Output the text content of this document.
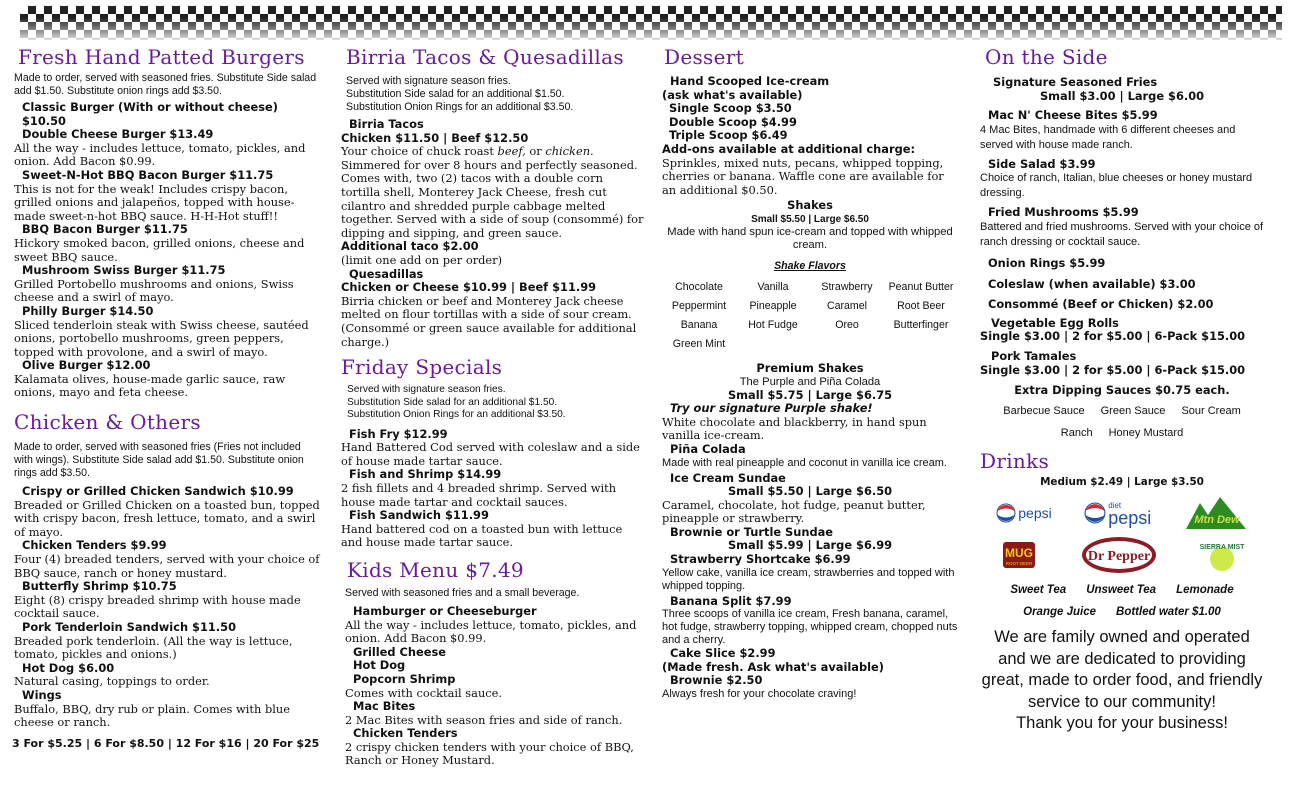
Fresh Hand Patted Burgers
Made to order, served with seasoned fries. Substitute Side salad add $1.50. Substitute onion rings add $3.50.
Classic Burger (With or without cheese) $10.50
Double Cheese Burger $13.49
All the way - includes lettuce, tomato, pickles, and onion. Add Bacon $0.99.
Sweet-N-Hot BBQ Bacon Burger $11.75
This is not for the weak! Includes crispy bacon, grilled onions and jalapeños, topped with house-made sweet-n-hot BBQ sauce. H-H-Hot stuff!!
BBQ Bacon Burger $11.75
Hickory smoked bacon, grilled onions, cheese and sweet BBQ sauce.
Mushroom Swiss Burger $11.75
Grilled Portobello mushrooms and onions, Swiss cheese and a swirl of mayo.
Philly Burger $14.50
Sliced tenderloin steak with Swiss cheese, sautéed onions, portobello mushrooms, green peppers, topped with provolone, and a swirl of mayo.
Olive Burger $12.00
Kalamata olives, house-made garlic sauce, raw onions, mayo and feta cheese.
Chicken & Others
Made to order, served with seasoned fries (Fries not included with wings). Substitute Side salad add $1.50. Substitute onion rings add $3.50.
Crispy or Grilled Chicken Sandwich $10.99
Breaded or Grilled Chicken on a toasted bun, topped with crispy bacon, fresh lettuce, tomato, and a swirl of mayo.
Chicken Tenders $9.99
Four (4) breaded tenders, served with your choice of BBQ sauce, ranch or honey mustard.
Butterfly Shrimp $10.75
Eight (8) crispy breaded shrimp with house made cocktail sauce.
Pork Tenderloin Sandwich $11.50
Breaded pork tenderloin. (All the way is lettuce, tomato, pickles and onions.)
Hot Dog $6.00
Natural casing, toppings to order.
Wings
Buffalo, BBQ, dry rub or plain. Comes with blue cheese or ranch.
3 For $5.25 | 6 For $8.50 | 12 For $16 | 20 For $25
Birria Tacos & Quesadillas
Served with signature season fries.
Substitution Side salad for an additional $1.50.
Substitution Onion Rings for an additional $3.50.
Birria Tacos
Chicken $11.50 | Beef $12.50
Your choice of chuck roast beef, or chicken. Simmered for over 8 hours and perfectly seasoned. Comes with, two (2) tacos with a double corn tortilla shell, Monterey Jack Cheese, fresh cut cilantro and shredded purple cabbage melted together. Served with a side of soup (consommé) for dipping and sipping, and green sauce.
Additional taco $2.00
(limit one add on per order)
Quesadillas
Chicken or Cheese $10.99 | Beef $11.99
Birria chicken or beef and Monterey Jack cheese melted on flour tortillas with a side of sour cream. (Consommé or green sauce available for additional charge.)
Friday Specials
Served with signature season fries.
Substitution Side salad for an additional $1.50.
Substitution Onion Rings for an additional $3.50.
Fish Fry $12.99
Hand Battered Cod served with coleslaw and a side of house made tartar sauce.
Fish and Shrimp $14.99
2 fish fillets and 4 breaded shrimp. Served with house made tartar and cocktail sauces.
Fish Sandwich $11.99
Hand battered cod on a toasted bun with lettuce and house made tartar sauce.
Kids Menu $7.49
Served with seasoned fries and a small beverage.
Hamburger or Cheeseburger
All the way - includes lettuce, tomato, pickles, and onion. Add Bacon $0.99.
Grilled Cheese
Hot Dog
Popcorn Shrimp
Comes with cocktail sauce.
Mac Bites
2 Mac Bites with season fries and side of ranch.
Chicken Tenders
2 crispy chicken tenders with your choice of BBQ, Ranch or Honey Mustard.
Dessert
Hand Scooped Ice-cream
(ask what's available)
Single Scoop $3.50
Double Scoop $4.99
Triple Scoop $6.49
Add-ons available at additional charge:
Sprinkles, mixed nuts, pecans, whipped topping, cherries or banana. Waffle cone are available for an additional $0.50.
Shakes
Small $5.50 | Large $6.50
Made with hand spun ice-cream and topped with whipped cream.
Shake Flavors
Chocolate	Vanilla	Strawberry	Peanut Butter
Peppermint	Pineapple	Caramel	Root Beer
Banana	Hot Fudge	Oreo	Butterfinger
Green Mint
Premium Shakes
The Purple and Piña Colada
Small $5.75 | Large $6.75
Try our signature Purple shake!
White chocolate and blackberry, in hand spun vanilla ice-cream.
Piña Colada
Made with real pineapple and coconut in vanilla ice cream.
Ice Cream Sundae
Small $5.50 | Large $6.50
Caramel, chocolate, hot fudge, peanut butter, pineapple or strawberry.
Brownie or Turtle Sundae
Small $5.99 | Large $6.99
Strawberry Shortcake $6.99
Yellow cake, vanilla ice cream, strawberries and topped with whipped topping.
Banana Split $7.99
Three scoops of vanilla ice cream, Fresh banana, caramel, hot fudge, strawberry topping, whipped cream, chopped nuts and a cherry.
Cake Slice $2.99
(Made fresh. Ask what's available)
Brownie $2.50
Always fresh for your chocolate craving!
On the Side
Signature Seasoned Fries
Small $3.00 | Large $6.00
Mac N' Cheese Bites $5.99
4 Mac Bites, handmade with 6 different cheeses and served with house made ranch.
Side Salad $3.99
Choice of ranch, Italian, blue cheeses or honey mustard dressing.
Fried Mushrooms $5.99
Battered and fried mushrooms. Served with your choice of ranch dressing or cocktail sauce.
Onion Rings $5.99
Coleslaw (when available) $3.00
Consommé (Beef or Chicken) $2.00
Vegetable Egg Rolls
Single $3.00 | 2 for $5.00 | 6-Pack $15.00
Pork Tamales
Single $3.00 | 2 for $5.00 | 6-Pack $15.00
Extra Dipping Sauces $0.75 each.
Barbecue Sauce Green Sauce Sour Cream
Ranch Honey Mustard
Drinks
Medium $2.49 | Large $3.50
pepsi	diet
pepsi	Mtn Dew
MUG
ROOT BEER	Dr Pepper
SIERRA MIST
Sweet Tea Unsweet Tea Lemonade
Orange Juice Bottled water $1.00
We are family owned and operated
and we are dedicated to providing
great, made to order food, and friendly
service to our community!
Thank you for your business!
